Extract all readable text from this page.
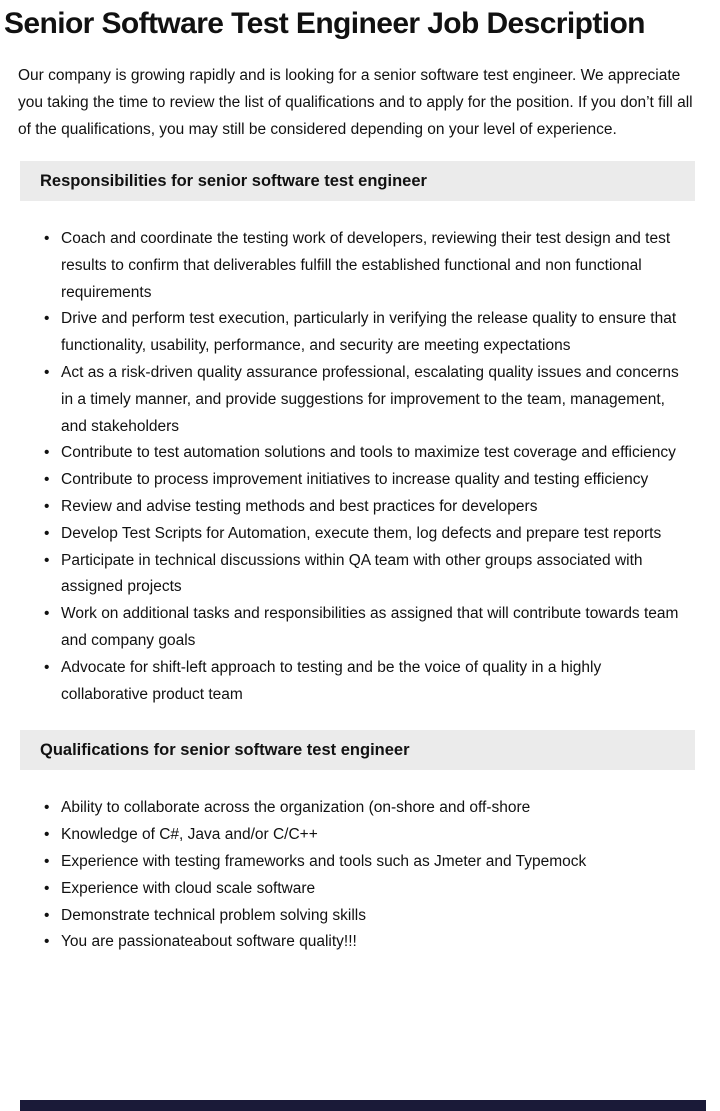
Senior Software Test Engineer Job Description

Our company is growing rapidly and is looking for a senior software test engineer. We appreciate you taking the time to review the list of qualifications and to apply for the position. If you don’t fill all of the qualifications, you may still be considered depending on your level of experience.

Responsibilities for senior software test engineer
• Coach and coordinate the testing work of developers, reviewing their test design and test results to confirm that deliverables fulfill the established functional and non functional requirements
• Drive and perform test execution, particularly in verifying the release quality to ensure that functionality, usability, performance, and security are meeting expectations
• Act as a risk-driven quality assurance professional, escalating quality issues and concerns in a timely manner, and provide suggestions for improvement to the team, management, and stakeholders
• Contribute to test automation solutions and tools to maximize test coverage and efficiency
• Contribute to process improvement initiatives to increase quality and testing efficiency
• Review and advise testing methods and best practices for developers
• Develop Test Scripts for Automation, execute them, log defects and prepare test reports
• Participate in technical discussions within QA team with other groups associated with assigned projects
• Work on additional tasks and responsibilities as assigned that will contribute towards team and company goals
• Advocate for shift-left approach to testing and be the voice of quality in a highly collaborative product team
Qualifications for senior software test engineer
• Ability to collaborate across the organization (on-shore and off-shore
• Knowledge of C#, Java and/or C/C++
• Experience with testing frameworks and tools such as Jmeter and Typemock
• Experience with cloud scale software
• Demonstrate technical problem solving skills
• You are passionateabout software quality!!!
